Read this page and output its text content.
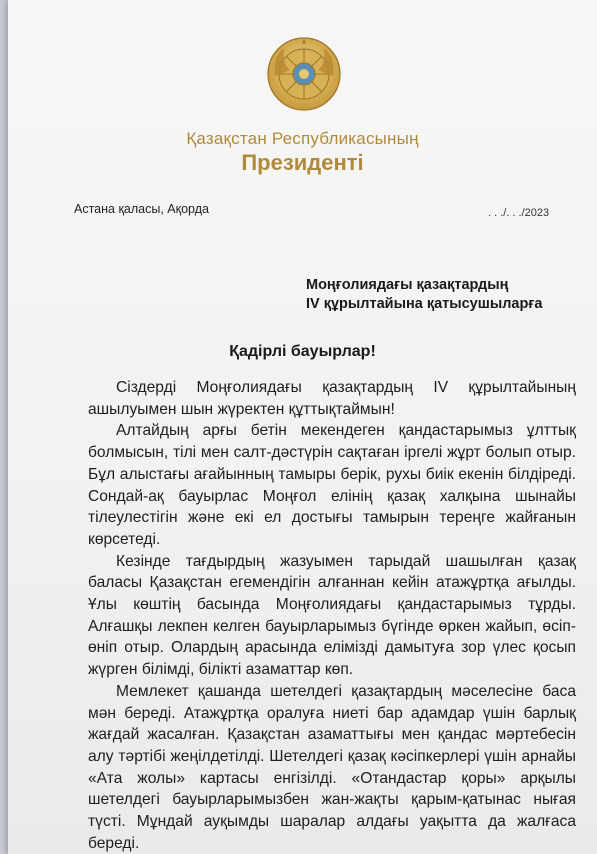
Қазақстан Республикасының
Президенті
Астана қаласы, Ақорда	. . ./. . ./2023
Моңғолиядағы қазақтардың
IV құрылтайына қатысушыларға
Қадірлі бауырлар!

Сіздерді Моңғолиядағы қазақтардың IV құрылтайының ашылуымен шын жүректен құттықтаймын!

Алтайдың арғы бетін мекендеген қандастарымыз ұлттық болмысын, тілі мен салт-дәстүрін сақтаған іргелі жұрт болып отыр. Бұл алыстағы ағайынның тамыры берік, рухы биік екенін білдіреді. Сондай-ақ бауырлас Моңғол елінің қазақ халқына шынайы тілеулестігін және екі ел достығы тамырын тереңге жайғанын көрсетеді.

Кезінде тағдырдың жазуымен тарыдай шашылған қазақ баласы Қазақстан егемендігін алғаннан кейін атажұртқа ағылды. Ұлы көштің басында Моңғолиядағы қандастарымыз тұрды. Алғашқы лекпен келген бауырларымыз бүгінде өркен жайып, өсіп-өніп отыр. Олардың арасында елімізді дамытуға зор үлес қосып жүрген білімді, білікті азаматтар көп.

Мемлекет қашанда шетелдегі қазақтардың мәселесіне баса мән береді. Атажұртқа оралуға ниеті бар адамдар үшін барлық жағдай жасалған. Қазақстан азаматтығы мен қандас мәртебесін алу тәртібі жеңілдетілді. Шетелдегі қазақ кәсіпкерлері үшін арнайы «Ата жолы» картасы енгізілді. «Отандастар қоры» арқылы шетелдегі бауырларымызбен жан-жақты қарым-қатынас нығая түсті. Мұндай ауқымды шаралар алдағы уақытта да жалғаса береді.
